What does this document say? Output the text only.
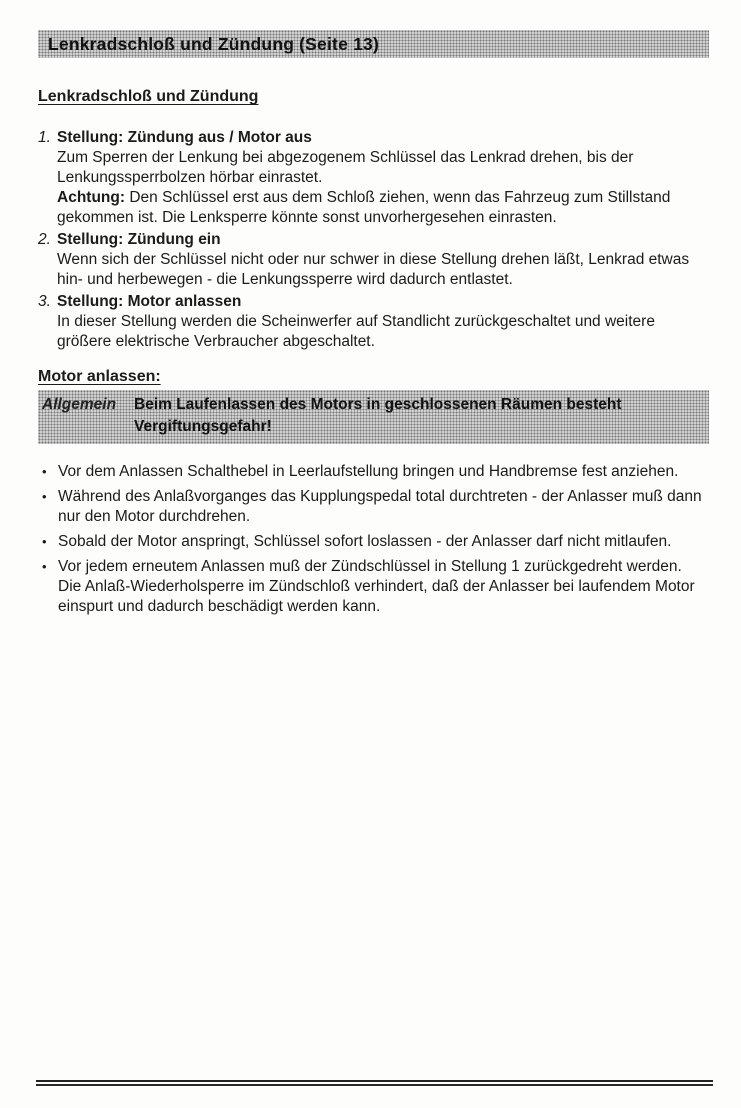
Lenkradschloß und Zündung (Seite 13)
Lenkradschloß und Zündung
1. Stellung: Zündung aus / Motor aus
Zum Sperren der Lenkung bei abgezogenem Schlüssel das Lenkrad drehen, bis der Lenkungssperrbolzen hörbar einrastet.
Achtung: Den Schlüssel erst aus dem Schloß ziehen, wenn das Fahrzeug zum Stillstand gekommen ist. Die Lenksperre könnte sonst unvorhergesehen einrasten.
2. Stellung: Zündung ein
Wenn sich der Schlüssel nicht oder nur schwer in diese Stellung drehen läßt, Lenkrad etwas hin- und herbewegen - die Lenkungssperre wird dadurch entlastet.
3. Stellung: Motor anlassen
In dieser Stellung werden die Scheinwerfer auf Standlicht zurückgeschaltet und weitere größere elektrische Verbraucher abgeschaltet.
Motor anlassen:
Allgemein	Beim Laufenlassen des Motors in geschlossenen Räumen besteht Vergiftungsgefahr!
• Vor dem Anlassen Schalthebel in Leerlaufstellung bringen und Handbremse fest anziehen.
• Während des Anlaßvorganges das Kupplungspedal total durchtreten - der Anlasser muß dann nur den Motor durchdrehen.
• Sobald der Motor anspringt, Schlüssel sofort loslassen - der Anlasser darf nicht mitlaufen.
• Vor jedem erneutem Anlassen muß der Zündschlüssel in Stellung 1 zurückgedreht werden. Die Anlaß-Wiederholsperre im Zündschloß verhindert, daß der Anlasser bei laufendem Motor einspurt und dadurch beschädigt werden kann.
